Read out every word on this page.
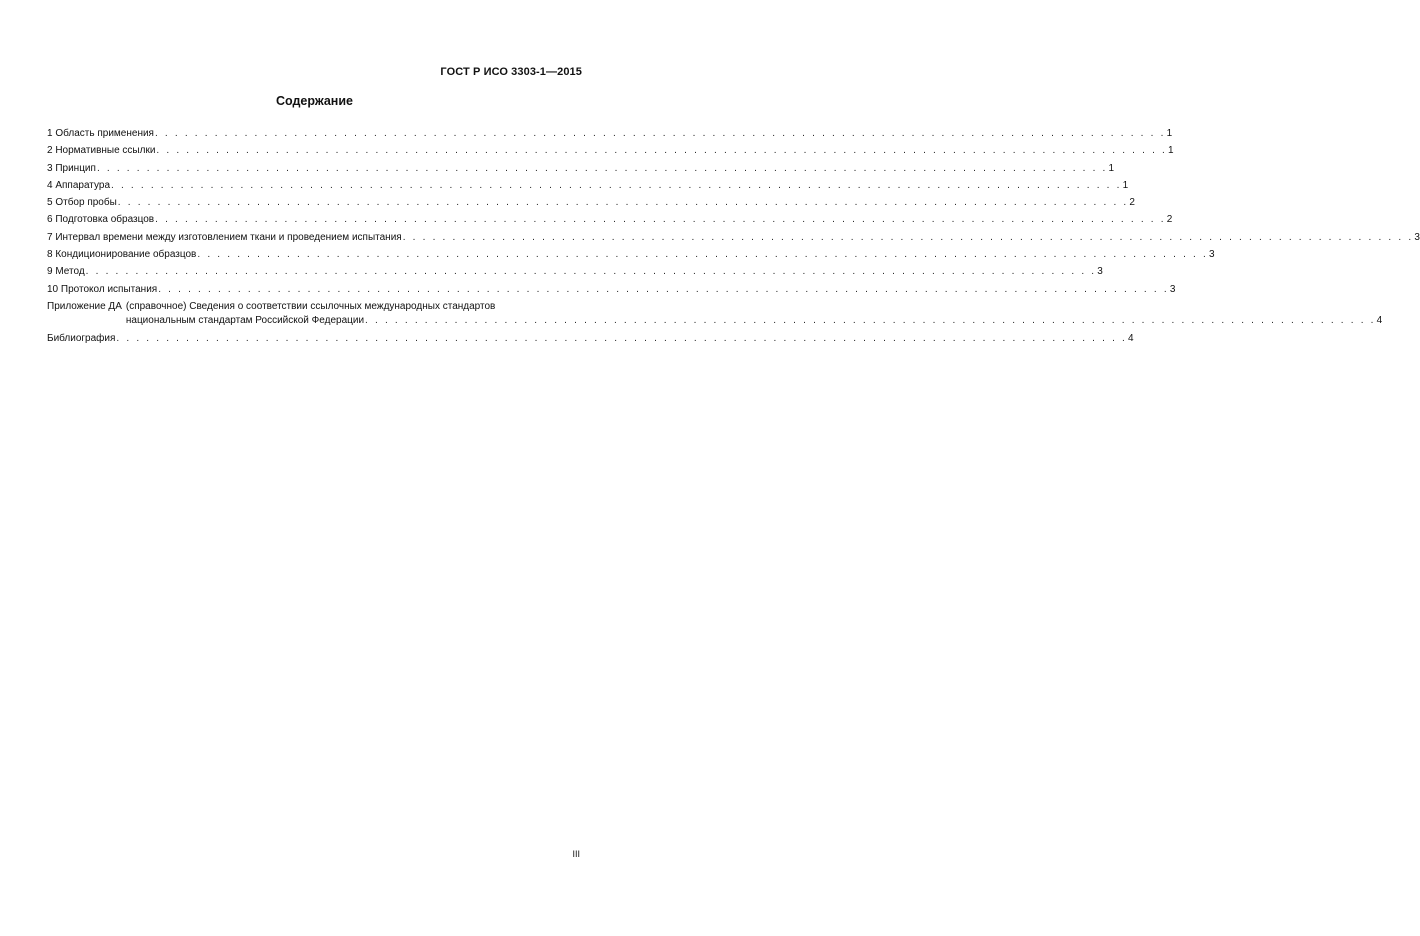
ГОСТ Р ИСО 3303-1—2015
Содержание
1 Область применения . . .	1
2 Нормативные ссылки . . .	1
3 Принцип . . .	1
4 Аппаратура . . .	1
5 Отбор пробы . . .	2
6 Подготовка образцов . . .	2
7 Интервал времени между изготовлением ткани и проведением испытания . . .	3
8 Кондиционирование образцов . . .	3
9 Метод . . .	3
10 Протокол испытания . . .	3
Приложение ДА (справочное) Сведения о соответствии ссылочных международных стандартов
национальным стандартам Российской Федерации . . .	4
Библиография . . .	4
III
